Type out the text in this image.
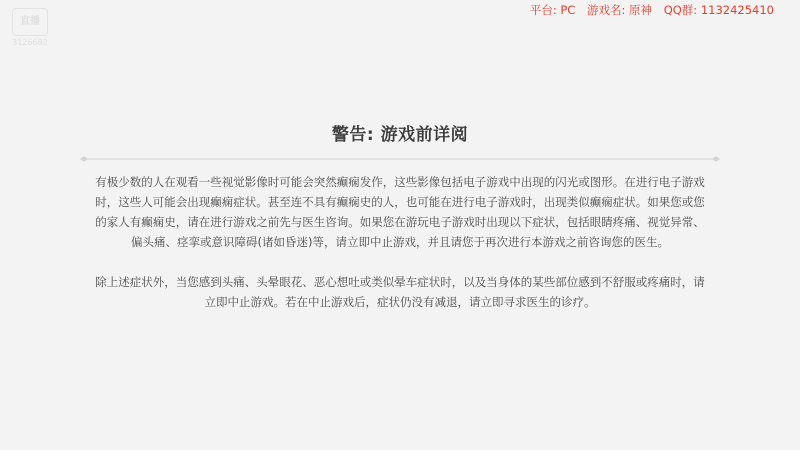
直播
3126682
平台: PC 游戏名: 原神 QQ群: 1132425410
警告: 游戏前详阅

有极少数的人在观看一些视觉影像时可能会突然癫痫发作，这些影像包括电子游戏中出现的闪光或图形。在进行电子游戏时，这些人可能会出现癫痫症状。甚至连不具有癫痫史的人，也可能在进行电子游戏时，出现类似癫痫症状。如果您或您的家人有癫痫史，请在进行游戏之前先与医生咨询。如果您在游玩电子游戏时出现以下症状，包括眼睛疼痛、视觉异常、偏头痛、痉挛或意识障碍(诸如昏迷)等，请立即中止游戏，并且请您于再次进行本游戏之前咨询您的医生。

除上述症状外，当您感到头痛、头晕眼花、恶心想吐或类似晕车症状时，以及当身体的某些部位感到不舒服或疼痛时，请立即中止游戏。若在中止游戏后，症状仍没有减退，请立即寻求医生的诊疗。
